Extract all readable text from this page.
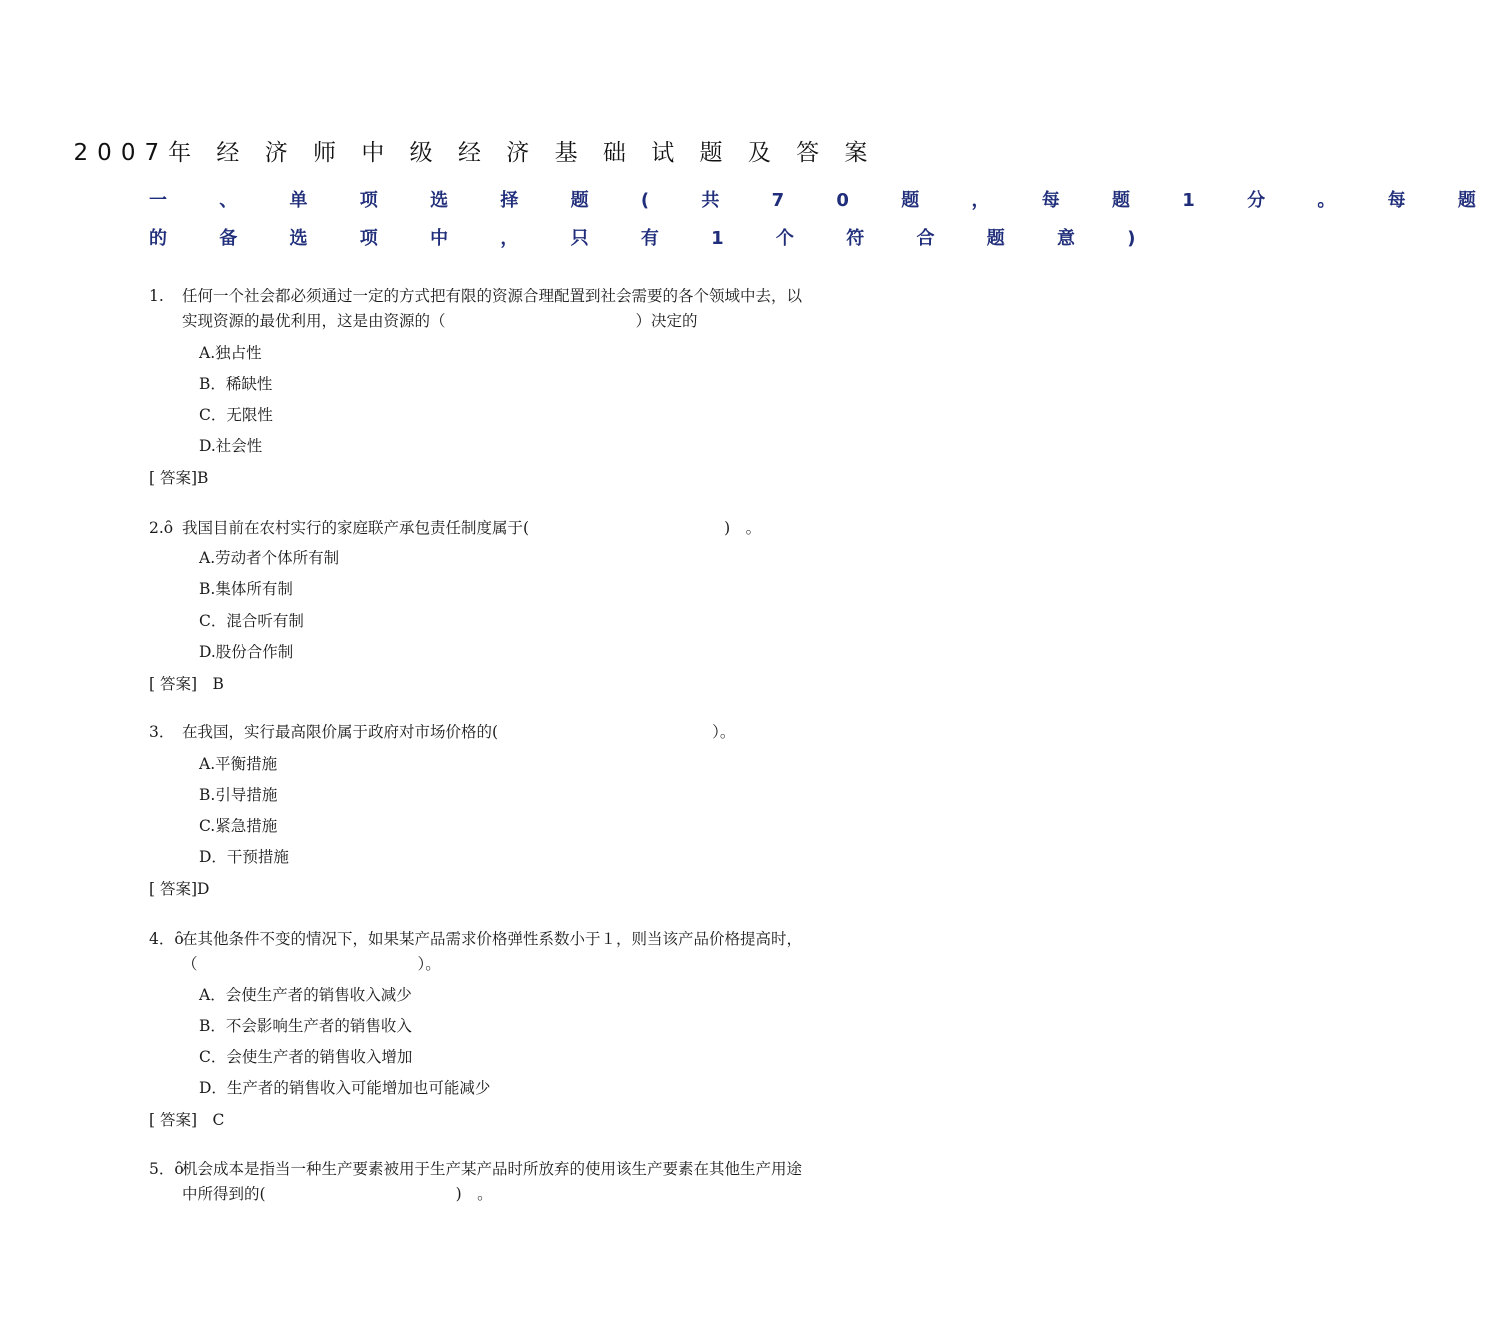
2007年 经 济 师 中 级 经 济 基 础 试 题 及 答 案
一 、 单 项 选 择 题 ( 共 7 0 题 ， 每 题 1 分 。 每 题
的 备 选 项 中 ， 只 有 1 个 符 合 题 意 )
1. 任何一个社会都必须通过一定的方式把有限的资源合理配置到社会需要的各个领域中去，以实现资源的最优利用，这是由资源的（	）决定的
A.独占性
B．稀缺性
C．无限性
D.社会性
[ 答案]B
2.ȏ 我国目前在农村实行的家庭联产承包责任制度属于(	)　。
A.劳动者个体所有制
B.集体所有制
C．混合听有制
D.股份合作制
[ 答案]　B
3． 在我国，实行最高限价属于政府对市场价格的(	）。
A.平衡措施
B.引导措施
C.紧急措施
D．干预措施
[ 答案]D
4．ȏ
在其他条件不变的情况下，如果某产品需求价格弹性系数小于１，则当该产品价格提高时，（	）。
A．会使生产者的销售收入减少
B．不会影响生产者的销售收入
C．会使生产者的销售收入增加
D．生产者的销售收入可能增加也可能减少
[ 答案]　C
5．ȏ
机会成本是指当一种生产要素被用于生产某产品时所放弃的使用该生产要素在其他生产用途中所得到的(	)　。
